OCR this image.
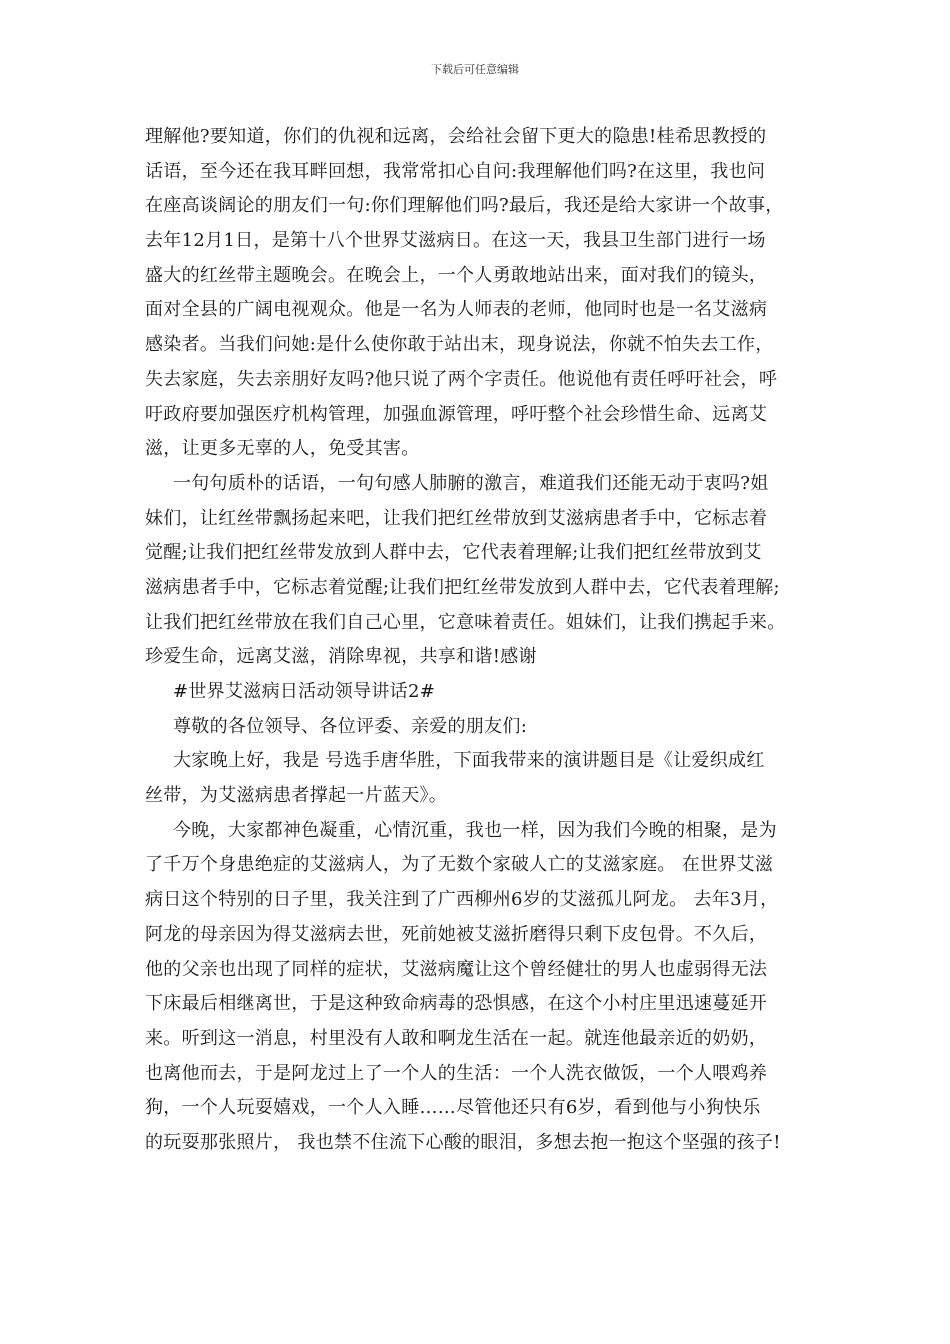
下载后可任意编辑
理解他?要知道，你们的仇视和远离，会给社会留下更大的隐患!桂希思教授的
话语，至今还在我耳畔回想，我常常扣心自问:我理解他们吗?在这里，我也问
在座高谈阔论的朋友们一句:你们理解他们吗?最后，我还是给大家讲一个故事，
去年12月1日，是第十八个世界艾滋病日。在这一天，我县卫生部门进行一场
盛大的红丝带主题晚会。在晚会上，一个人勇敢地站出来，面对我们的镜头，
面对全县的广阔电视观众。他是一名为人师表的老师，他同时也是一名艾滋病
感染者。当我们问她:是什么使你敢于站出末，现身说法，你就不怕失去工作，
失去家庭，失去亲朋好友吗?他只说了两个字责任。他说他有责任呼吁社会，呼
吁政府要加强医疗机构管理，加强血源管理，呼吁整个社会珍惜生命、远离艾
滋，让更多无辜的人，免受其害。
一句句质朴的话语，一句句感人肺腑的激言，难道我们还能无动于衷吗?姐
妹们，让红丝带飘扬起来吧，让我们把红丝带放到艾滋病患者手中，它标志着
觉醒;让我们把红丝带发放到人群中去，它代表着理解;让我们把红丝带放到艾
滋病患者手中，它标志着觉醒;让我们把红丝带发放到人群中去，它代表着理解;
让我们把红丝带放在我们自己心里，它意味着责任。姐妹们，让我们携起手来。
珍爱生命，远离艾滋，消除卑视，共享和谐!感谢
#世界艾滋病日活动领导讲话2#
尊敬的各位领导、各位评委、亲爱的朋友们:
大家晚上好，我是 号选手唐华胜，下面我带来的演讲题目是《让爱织成红
丝带，为艾滋病患者撑起一片蓝天》。
今晚，大家都神色凝重，心情沉重，我也一样，因为我们今晚的相聚，是为
了千万个身患绝症的艾滋病人，为了无数个家破人亡的艾滋家庭。 在世界艾滋
病日这个特别的日子里，我关注到了广西柳州6岁的艾滋孤儿阿龙。 去年3月，
阿龙的母亲因为得艾滋病去世，死前她被艾滋折磨得只剩下皮包骨。不久后，
他的父亲也出现了同样的症状，艾滋病魔让这个曾经健壮的男人也虚弱得无法
下床最后相继离世，于是这种致命病毒的恐惧感，在这个小村庄里迅速蔓延开
来。听到这一消息，村里没有人敢和啊龙生活在一起。就连他最亲近的奶奶，
也离他而去，于是阿龙过上了一个人的生活：一个人洗衣做饭，一个人喂鸡养
狗，一个人玩耍嬉戏，一个人入睡……尽管他还只有6岁，看到他与小狗快乐
的玩耍那张照片， 我也禁不住流下心酸的眼泪，多想去抱一抱这个坚强的孩子!
